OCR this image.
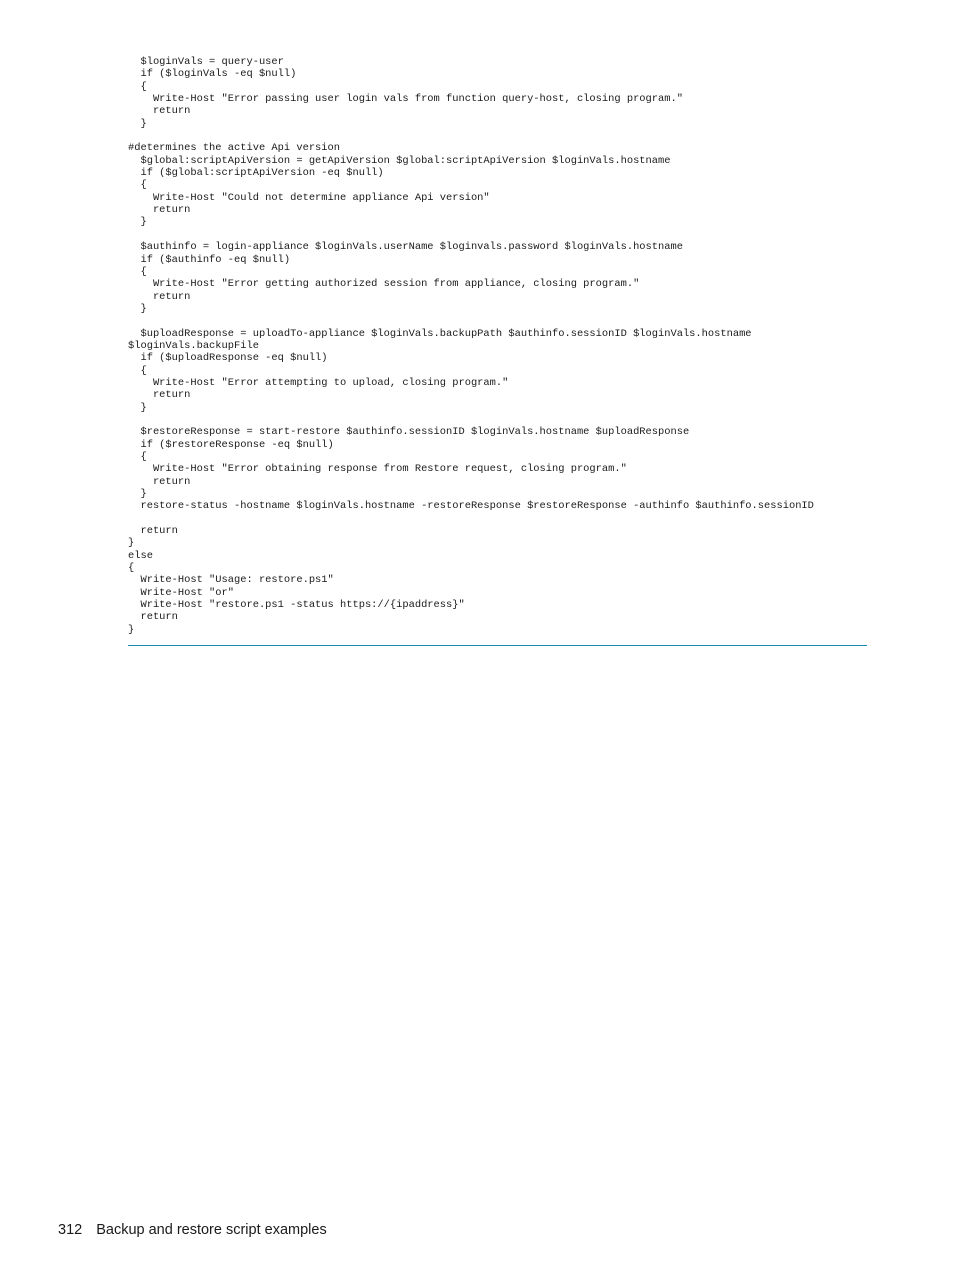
$loginVals = query-user
if ($loginVals -eq $null)
{
Write-Host "Error passing user login vals from function query-host, closing program."
return
}
#determines the active Api version
$global:scriptApiVersion = getApiVersion $global:scriptApiVersion $loginVals.hostname
if ($global:scriptApiVersion -eq $null)
{
Write-Host "Could not determine appliance Api version"
return
}
$authinfo = login-appliance $loginVals.userName $loginvals.password $loginVals.hostname
if ($authinfo -eq $null)
{
Write-Host "Error getting authorized session from appliance, closing program."
return
}
$uploadResponse = uploadTo-appliance $loginVals.backupPath $authinfo.sessionID $loginVals.hostname
$loginVals.backupFile
if ($uploadResponse -eq $null)
{
Write-Host "Error attempting to upload, closing program."
return
}
$restoreResponse = start-restore $authinfo.sessionID $loginVals.hostname $uploadResponse
if ($restoreResponse -eq $null)
{
Write-Host "Error obtaining response from Restore request, closing program."
return
}
restore-status -hostname $loginVals.hostname -restoreResponse $restoreResponse -authinfo $authinfo.sessionID
return
}
else
{
Write-Host "Usage: restore.ps1"
Write-Host "or"
Write-Host "restore.ps1 -status https://{ipaddress}"
return
}
312 Backup and restore script examples
